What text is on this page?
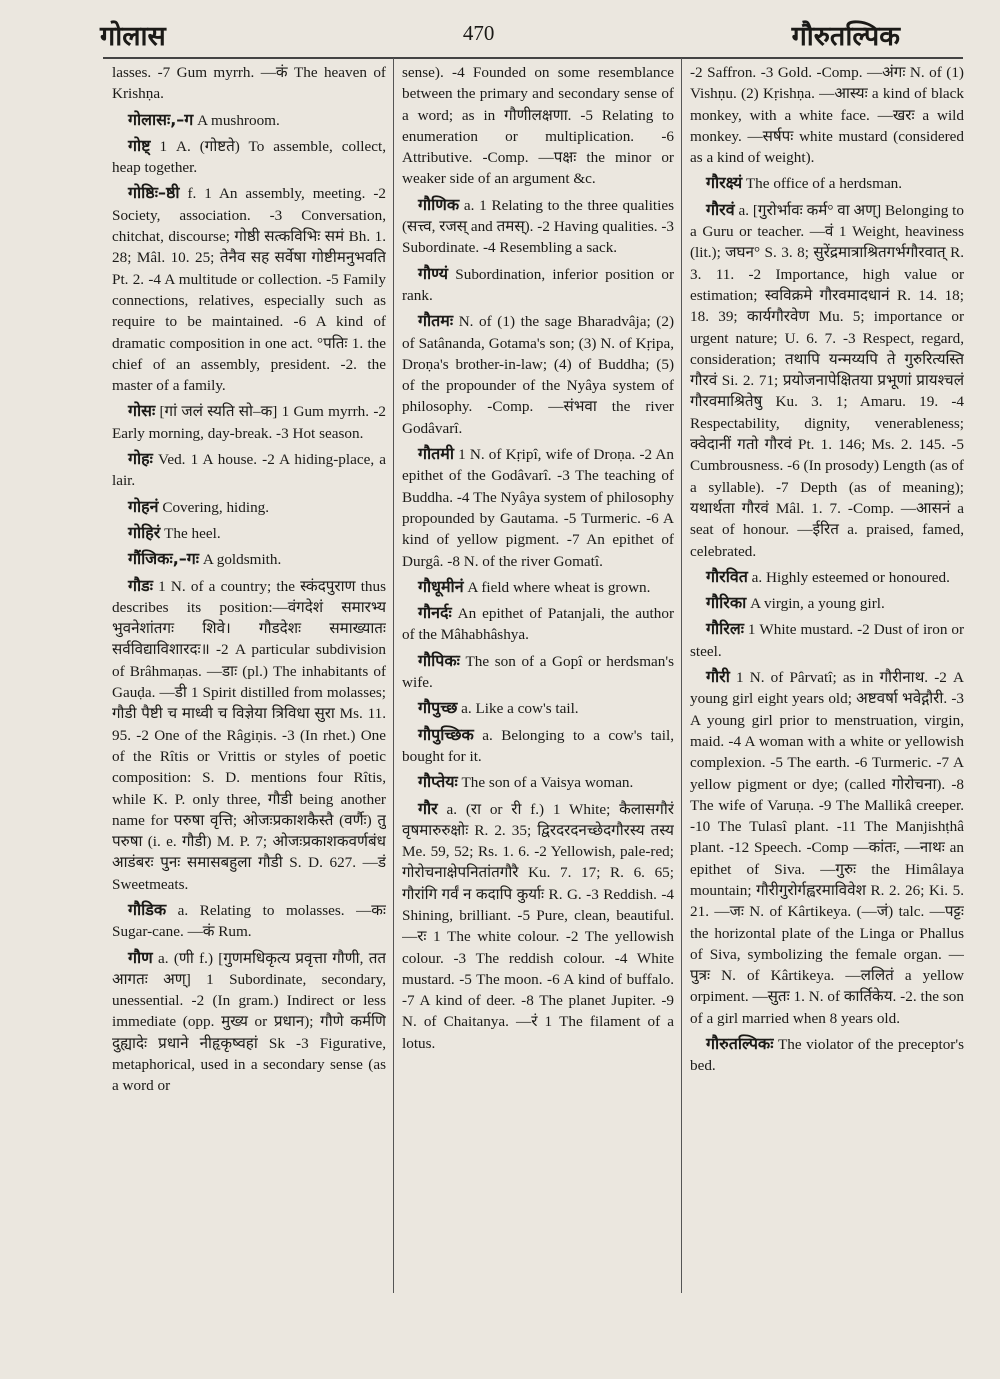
गोलास	470	गौरुतल्पिक

lasses. -7 Gum myrrh. —कं The heaven of Krishṇa.

गोलासः,–ग A mushroom.

गोष्ट् 1 A. (गोष्टते) To assemble, collect, heap together.

गोष्ठिः–ष्ठी f. 1 An assembly, meeting. -2 Society, association. -3 Conversation, chitchat, discourse; गोष्ठी सत्कविभिः समं Bh. 1. 28; Mâl. 10. 25; तेनैव सह सर्वेषा गोष्टीमनुभवति Pt. 2. -4 A multitude or collection. -5 Family connections, relatives, especially such as require to be maintained. -6 A kind of dramatic composition in one act. °पतिः 1. the chief of an assembly, president. -2. the master of a family.

गोसः [गां जलं स्यति सो–क] 1 Gum myrrh. -2 Early morning, day-break. -3 Hot season.

गोहः Ved. 1 A house. -2 A hiding-place, a lair.

गोहनं Covering, hiding.

गोहिरं The heel.

गौंजिकः,–गः A goldsmith.

गौडः 1 N. of a country; the स्कंदपुराण thus describes its position:—वंगदेशं समारभ्य भुवनेशांतगः शिवे। गौडदेशः समाख्यातः सर्वविद्याविशारदः॥ -2 A particular subdivision of Brâhmaṇas. —डाः (pl.) The inhabitants of Gauḍa. —डी 1 Spirit distilled from molasses; गौडी पैष्टी च माध्वी च विज्ञेया त्रिविधा सुरा Ms. 11. 95. -2 One of the Râgiṇis. -3 (In rhet.) One of the Rîtis or Vrittis or styles of poetic composition: S. D. mentions four Rîtis, while K. P. only three, गौडी being another name for परुषा वृत्ति; ओजःप्रकाशकैस्तै (वर्णैः) तु परुषा (i. e. गौडी) M. P. 7; ओजःप्रकाशकवर्णबंध आडंबरः पुनः समासबहुला गौडी S. D. 627. —डं Sweetmeats.

गौडिक a. Relating to molasses. —कः Sugar-cane. —कं Rum.

गौण a. (णी f.) [गुणमधिकृत्य प्रवृत्ता गौणी, तत आगतः अण्] 1 Subordinate, secondary, unessential. -2 (In gram.) Indirect or less immediate (opp. मुख्य or प्रधान); गौणे कर्मणि दुह्यादेः प्रधाने नीहृकृष्वहां Sk -3 Figurative, metaphorical, used in a secondary sense (as a word or

sense). -4 Founded on some resemblance between the primary and secondary sense of a word; as in गौणीलक्षणा. -5 Relating to enumeration or multiplication. -6 Attributive. -Comp. —पक्षः the minor or weaker side of an argument &c.

गौणिक a. 1 Relating to the three qualities (सत्त्व, रजस् and तमस्). -2 Having qualities. -3 Subordinate. -4 Resembling a sack.

गौण्यं Subordination, inferior position or rank.

गौतमः N. of (1) the sage Bharadvâja; (2) of Satânanda, Gotama's son; (3) N. of Kṛipa, Droṇa's brother-in-law; (4) of Buddha; (5) of the propounder of the Nyâya system of philosophy. -Comp. —संभवा the river Godâvarî.

गौतमी 1 N. of Kṛipî, wife of Droṇa. -2 An epithet of the Godâvarî. -3 The teaching of Buddha. -4 The Nyâya system of philosophy propounded by Gautama. -5 Turmeric. -6 A kind of yellow pigment. -7 An epithet of Durgâ. -8 N. of the river Gomatî.

गौधूमीनं A field where wheat is grown.

गौनर्दः An epithet of Patanjali, the author of the Mâhabhâshya.

गौपिकः The son of a Gopî or herdsman's wife.

गौपुच्छ a. Like a cow's tail.

गौपुच्छिक a. Belonging to a cow's tail, bought for it.

गौप्तेयः The son of a Vaisya woman.

गौर a. (रा or री f.) 1 White; कैलासगौरं वृषमारुरुक्षोः R. 2. 35; द्विरदरदनच्छेदगौरस्य तस्य Me. 59, 52; Rs. 1. 6. -2 Yellowish, pale-red; गोरोचनाक्षेपनितांतगौरै Ku. 7. 17; R. 6. 65; गौरांगि गर्वं न कदापि कुर्याः R. G. -3 Reddish. -4 Shining, brilliant. -5 Pure, clean, beautiful. —रः 1 The white colour. -2 The yellowish colour. -3 The reddish colour. -4 White mustard. -5 The moon. -6 A kind of buffalo. -7 A kind of deer. -8 The planet Jupiter. -9 N. of Chaitanya. —रं 1 The filament of a lotus.

-2 Saffron. -3 Gold. -Comp. —अंगः N. of (1) Vishṇu. (2) Kṛishṇa. —आस्यः a kind of black monkey, with a white face. —खरः a wild monkey. —सर्षपः white mustard (considered as a kind of weight).

गौरक्ष्यं The office of a herdsman.

गौरवं a. [गुरोर्भावः कर्म° वा अण्] Belonging to a Guru or teacher. —वं 1 Weight, heaviness (lit.); जघन° S. 3. 8; सुरेंद्रमात्राश्रितगर्भगौरवात् R. 3. 11. -2 Importance, high value or estimation; स्वविक्रमे गौरवमादधानं R. 14. 18; 18. 39; कार्यगौरवेण Mu. 5; importance or urgent nature; U. 6. 7. -3 Respect, regard, consideration; तथापि यन्मय्यपि ते गुरुरित्यस्ति गौरवं Si. 2. 71; प्रयोजनापेक्षितया प्रभूणां प्रायश्चलं गौरवमाश्रितेषु Ku. 3. 1; Amaru. 19. -4 Respectability, dignity, venerableness; क्वेदानीं गतो गौरवं Pt. 1. 146; Ms. 2. 145. -5 Cumbrousness. -6 (In prosody) Length (as of a syllable). -7 Depth (as of meaning); यथार्थता गौरवं Mâl. 1. 7. -Comp. —आसनं a seat of honour. —ईरित a. praised, famed, celebrated.

गौरवित a. Highly esteemed or honoured.

गौरिका A virgin, a young girl.

गौरिलः 1 White mustard. -2 Dust of iron or steel.

गौरी 1 N. of Pârvatî; as in गौरीनाथ. -2 A young girl eight years old; अष्टवर्षा भवेद्गौरी. -3 A young girl prior to menstruation, virgin, maid. -4 A woman with a white or yellowish complexion. -5 The earth. -6 Turmeric. -7 A yellow pigment or dye; (called गोरोचना). -8 The wife of Varuṇa. -9 The Mallikâ creeper. -10 The Tulasî plant. -11 The Manjishṭhâ plant. -12 Speech. -Comp —कांतः, —नाथः an epithet of Siva. —गुरुः the Himâlaya mountain; गौरीगुरोर्गह्वरमाविवेश R. 2. 26; Ki. 5. 21. —जः N. of Kârtikeya. (—जं) talc. —पट्टः the horizontal plate of the Linga or Phallus of Siva, symbolizing the female organ. —पुत्रः N. of Kârtikeya. —ललितं a yellow orpiment. —सुतः 1. N. of कार्तिकेय. -2. the son of a girl married when 8 years old.

गौरुतल्पिकः The violator of the preceptor's bed.
